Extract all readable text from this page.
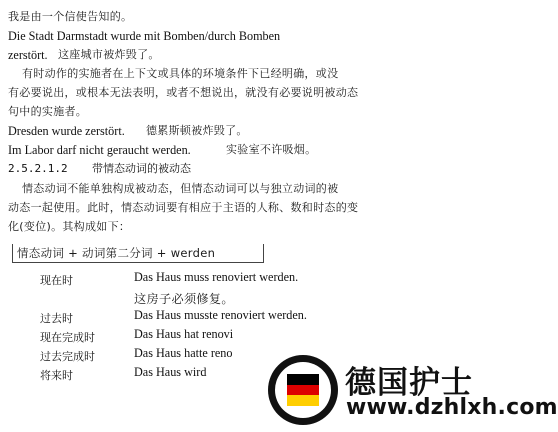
我是由一个信使告知的。
Die Stadt Darmstadt wurde mit Bomben/durch Bomben
zerstört. 这座城市被炸毁了。
有时动作的实施者在上下文或具体的环境条件下已经明确，或没
有必要说出，或根本无法表明，或者不想说出，就没有必要说明被动态
句中的实施者。
Dresden wurde zerstört. 德累斯顿被炸毁了。
Im Labor darf nicht geraucht werden.	实验室不许吸烟。
2.5.2.1.2 带情态动词的被动态
情态动词不能单独构成被动态，但情态动词可以与独立动词的被
动态一起使用。此时，情态动词要有相应于主语的人称、数和时态的变
化(变位)。其构成如下：
情态动词 + 动词第二分词 + werden
现在时	Das Haus muss renoviert werden.
这房子必须修复。
过去时	Das Haus musste renoviert werden.
现在完成时	Das Haus hat renovi
过去完成时	Das Haus hatte reno
将来时	Das Haus wird	德国护士
www.dzhlxh.com
